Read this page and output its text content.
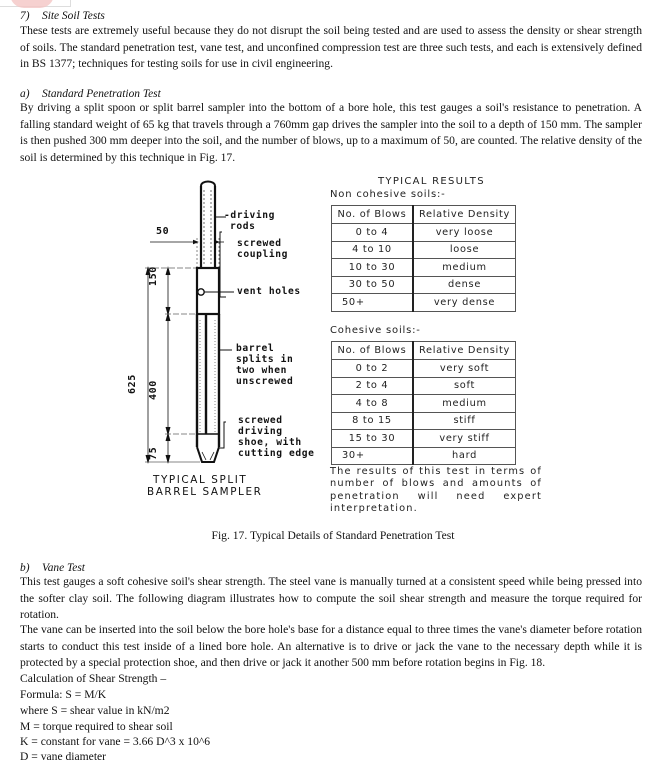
7) Site Soil Tests
These tests are extremely useful because they do not disrupt the soil being tested and are used to assess the density or shear strength of soils. The standard penetration test, vane test, and unconfined compression test are three such tests, and each is extensively defined in BS 1377; techniques for testing soils for use in civil engineering.
a) Standard Penetration Test
By driving a split spoon or split barrel sampler into the bottom of a bore hole, this test gauges a soil's resistance to penetration. A falling standard weight of 65 kg that travels through a 760mm gap drives the sampler into the soil to a depth of 150 mm. The sampler is then pushed 300 mm deeper into the soil, and the number of blows, up to a maximum of 50, are counted. The relative density of the soil is determined by this technique in Fig. 17.
-driving
rods
screwed
coupling
vent holes
barrel
splits in
two when
unscrewed
screwed
driving
shoe, with
cutting edge
50
150
400
75
625
TYPICAL SPLIT
BARREL SAMPLER
TYPICAL RESULTS
Non cohesive soils:-
No. of Blows	Relative Density
0 to 4	very loose
4 to 10	loose
10 to 30	medium
30 to 50	dense
50+	very dense
Cohesive soils:-
No. of Blows	Relative Density
0 to 2	very soft
2 to 4	soft
4 to 8	medium
8 to 15	stiff
15 to 30	very stiff
30+	hard
The results of this test in terms of number of blows and amounts of penetration will need expert interpretation.
Fig. 17. Typical Details of Standard Penetration Test
b) Vane Test
This test gauges a soft cohesive soil's shear strength. The steel vane is manually turned at a consistent speed while being pressed into the softer clay soil. The following diagram illustrates how to compute the soil shear strength and measure the torque required for rotation.
The vane can be inserted into the soil below the bore hole's base for a distance equal to three times the vane's diameter before rotation starts to conduct this test inside of a lined bore hole. An alternative is to drive or jack the vane to the necessary depth while it is protected by a special protection shoe, and then drive or jack it another 500 mm before rotation begins in Fig. 18.
Calculation of Shear Strength –
Formula: S = M/K
where S = shear value in kN/m2
M = torque required to shear soil
K = constant for vane = 3.66 D^3 x 10^6
D = vane diameter
